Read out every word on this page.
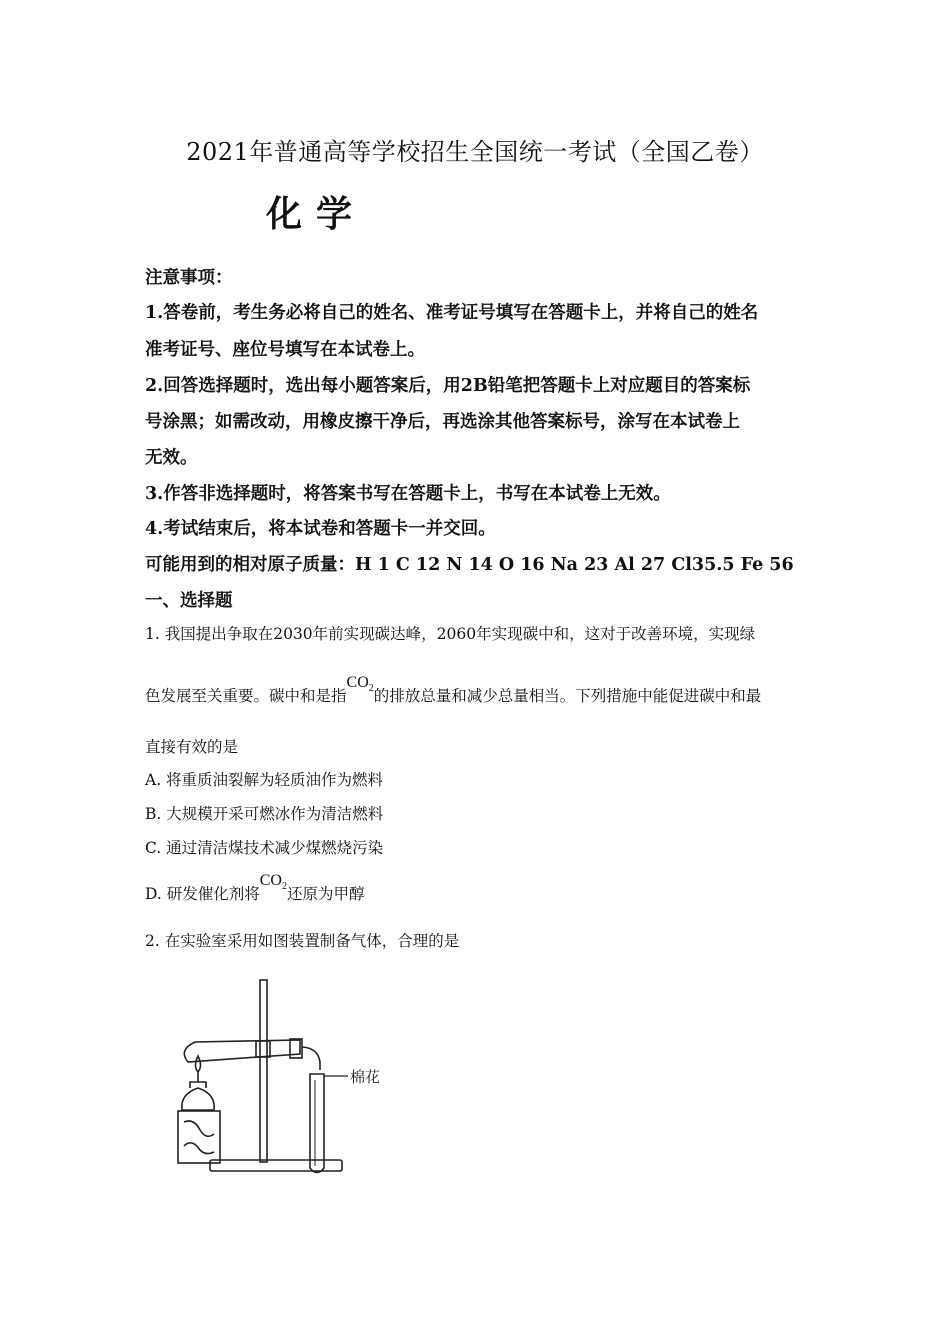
2021年普通高等学校招生全国统一考试（全国乙卷）
化学
注意事项：
1.答卷前，考生务必将自己的姓名、准考证号填写在答题卡上，并将自己的姓名
准考证号、座位号填写在本试卷上。
2.回答选择题时，选出每小题答案后，用2B铅笔把答题卡上对应题目的答案标
号涂黑；如需改动，用橡皮擦干净后，再选涂其他答案标号，涂写在本试卷上
无效。
3.作答非选择题时，将答案书写在答题卡上，书写在本试卷上无效。
4.考试结束后，将本试卷和答题卡一并交回。
可能用到的相对原子质量：H 1 C 12 N 14 O 16 Na 23 Al 27 Cl35.5 Fe 56
一、选择题
1. 我国提出争取在2030年前实现碳达峰，2060年实现碳中和，这对于改善环境，实现绿
色发展至关重要。碳中和是指$CO_2$的排放总量和减少总量相当。下列措施中能促进碳中和最
直接有效的是
A. 将重质油裂解为轻质油作为燃料
B. 大规模开采可燃冰作为清洁燃料
C. 通过清洁煤技术减少煤燃烧污染
D. 研发催化剂将$CO_2$还原为甲醇
2. 在实验室采用如图装置制备气体，合理的是
棉花
